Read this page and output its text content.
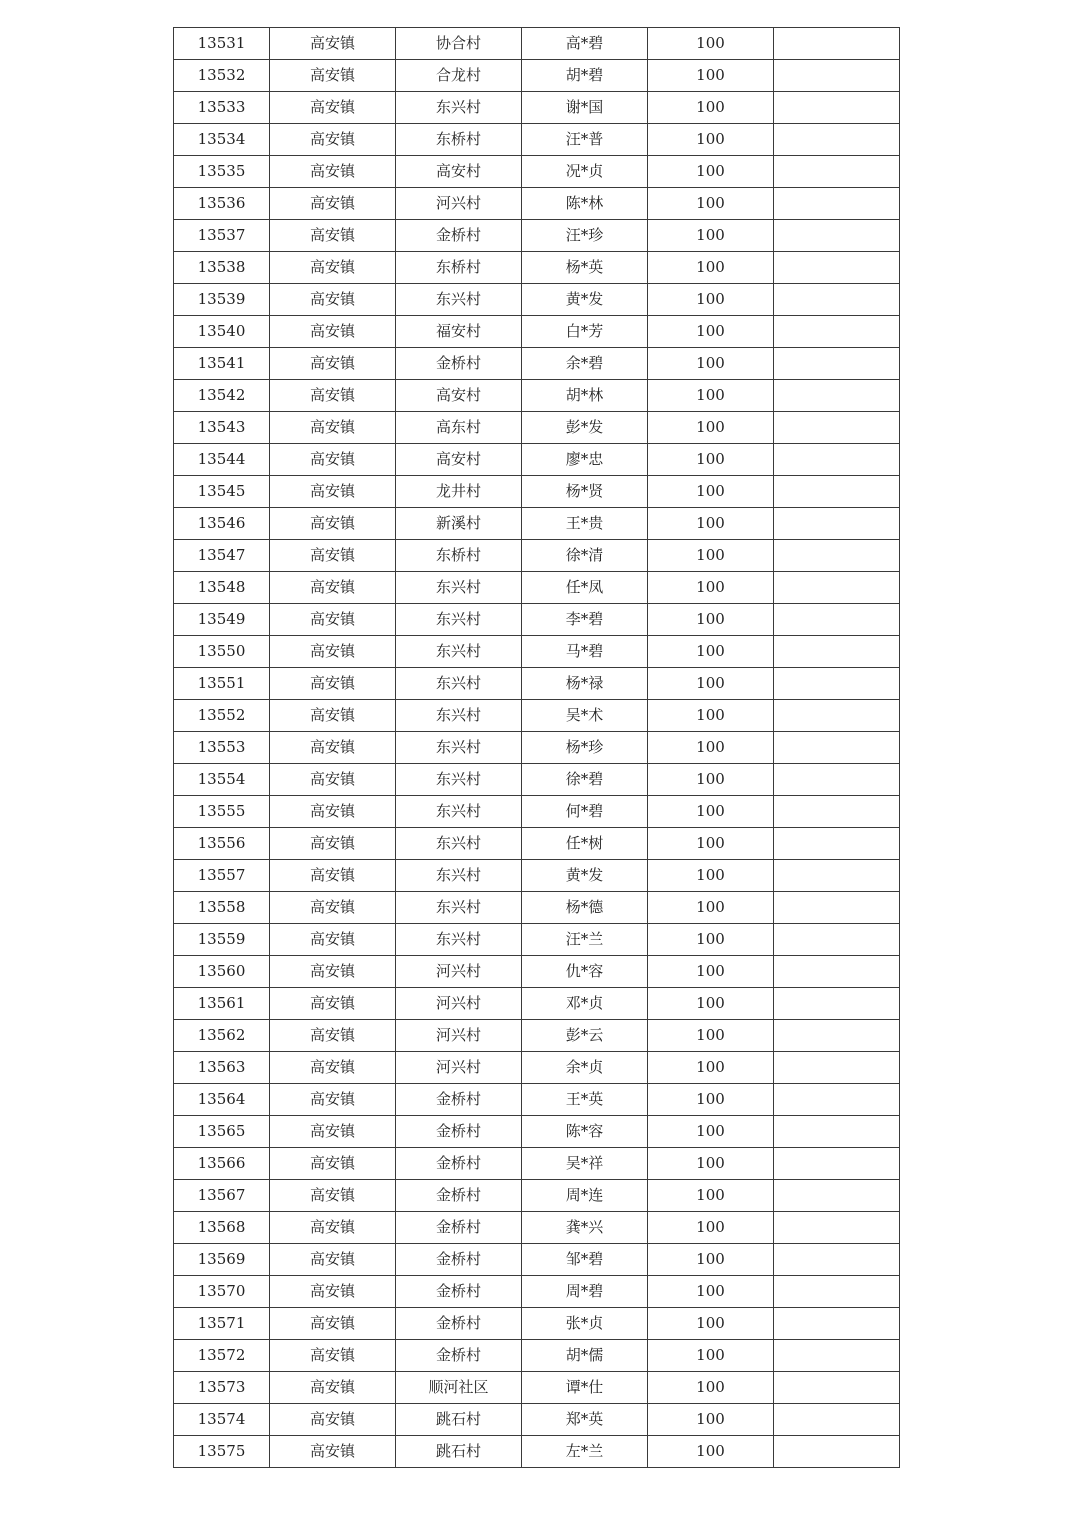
13531	高安镇	协合村	高*碧	100	
13532	高安镇	合龙村	胡*碧	100	
13533	高安镇	东兴村	谢*国	100	
13534	高安镇	东桥村	汪*普	100	
13535	高安镇	高安村	况*贞	100	
13536	高安镇	河兴村	陈*林	100	
13537	高安镇	金桥村	汪*珍	100	
13538	高安镇	东桥村	杨*英	100	
13539	高安镇	东兴村	黄*发	100	
13540	高安镇	福安村	白*芳	100	
13541	高安镇	金桥村	余*碧	100	
13542	高安镇	高安村	胡*林	100	
13543	高安镇	高东村	彭*发	100	
13544	高安镇	高安村	廖*忠	100	
13545	高安镇	龙井村	杨*贤	100	
13546	高安镇	新溪村	王*贵	100	
13547	高安镇	东桥村	徐*清	100	
13548	高安镇	东兴村	任*凤	100	
13549	高安镇	东兴村	李*碧	100	
13550	高安镇	东兴村	马*碧	100	
13551	高安镇	东兴村	杨*禄	100	
13552	高安镇	东兴村	吴*术	100	
13553	高安镇	东兴村	杨*珍	100	
13554	高安镇	东兴村	徐*碧	100	
13555	高安镇	东兴村	何*碧	100	
13556	高安镇	东兴村	任*树	100	
13557	高安镇	东兴村	黄*发	100	
13558	高安镇	东兴村	杨*德	100	
13559	高安镇	东兴村	汪*兰	100	
13560	高安镇	河兴村	仇*容	100	
13561	高安镇	河兴村	邓*贞	100	
13562	高安镇	河兴村	彭*云	100	
13563	高安镇	河兴村	余*贞	100	
13564	高安镇	金桥村	王*英	100	
13565	高安镇	金桥村	陈*容	100	
13566	高安镇	金桥村	吴*祥	100	
13567	高安镇	金桥村	周*连	100	
13568	高安镇	金桥村	龚*兴	100	
13569	高安镇	金桥村	邹*碧	100	
13570	高安镇	金桥村	周*碧	100	
13571	高安镇	金桥村	张*贞	100	
13572	高安镇	金桥村	胡*儒	100	
13573	高安镇	顺河社区	谭*仕	100	
13574	高安镇	跳石村	郑*英	100	
13575	高安镇	跳石村	左*兰	100	
